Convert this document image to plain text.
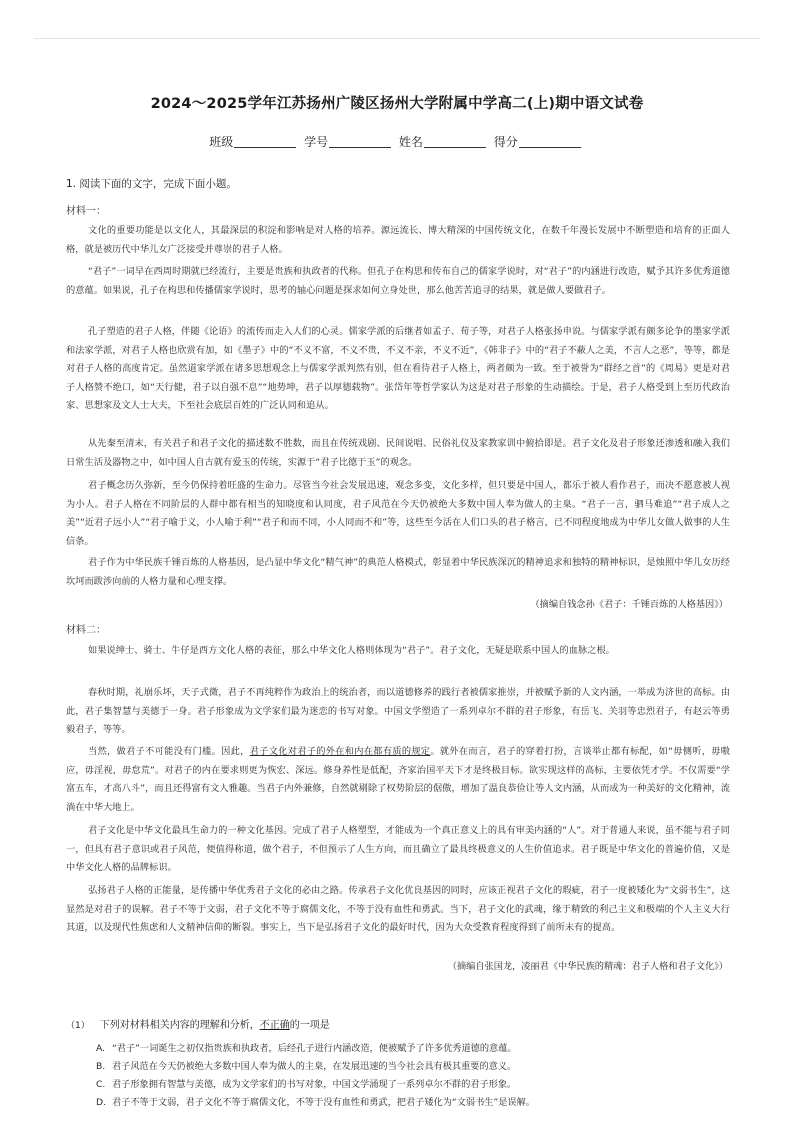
2024～2025学年江苏扬州广陵区扬州大学附属中学高二(上)期中语文试卷
班级	学号	姓名	得分
1. 阅读下面的文字，完成下面小题。
材料一：

文化的重要功能是以文化人，其最深层的积淀和影响是对人格的培养。源远流长、博大精深的中国传统文化，在数千年漫长发展中不断塑造和培育的正面人格，就是被历代中华儿女广泛接受并尊崇的君子人格。

“君子”一词早在西周时期就已经流行，主要是贵族和执政者的代称。但孔子在构思和传布自己的儒家学说时，对“君子”的内涵进行改造，赋予其许多优秀道德的意蕴。如果说，孔子在构思和传播儒家学说时，思考的轴心问题是探求如何立身处世，那么他苦苦追寻的结果，就是做人要做君子。

孔子塑造的君子人格，伴随《论语》的流传而走入人们的心灵。儒家学派的后继者如孟子、荀子等，对君子人格张扬申说。与儒家学派有颇多论争的墨家学派和法家学派，对君子人格也欣赏有加，如《墨子》中的“不义不富，不义不贵，不义不亲，不义不近”，《韩非子》中的“君子不蔽人之美，不言人之恶”，等等，都是对君子人格的高度肯定。虽然道家学派在诸多思想观念上与儒家学派判然有别，但在看待君子人格上，两者颇为一致。至于被誉为“群经之首”的《周易》更是对君子人格赞不绝口，如“天行健，君子以自强不息”“地势坤，君子以厚德载物”。张岱年等哲学家认为这是对君子形象的生动描绘。于是，君子人格受到上至历代政治家、思想家及文人士大夫，下至社会底层百姓的广泛认同和追从。

从先秦至清末，有关君子和君子文化的描述数不胜数，而且在传统戏剧、民间说唱、民俗礼仪及家教家训中俯拾即是。君子文化及君子形象还渗透和融入我们日常生活及器物之中，如中国人自古就有爱玉的传统，实源于“君子比德于玉”的观念。

君子概念历久弥新，至今仍保持着旺盛的生命力。尽管当今社会发展迅速，观念多变，文化多样，但只要是中国人，都乐于被人看作君子，而决不愿意被人视为小人。君子人格在不同阶层的人群中都有相当的知晓度和认同度，君子风范在今天仍被绝大多数中国人奉为做人的主臬。“君子一言，驷马难追”“君子成人之美”“近君子远小人”“君子喻于义，小人喻于利”“君子和而不同，小人同而不和”等，这些至今活在人们口头的君子格言，已不同程度地成为中华儿女做人做事的人生信条。

君子作为中华民族千锤百炼的人格基因，是凸显中华文化“精气神”的典范人格模式，彰显着中华民族深沉的精神追求和独特的精神标识，是烛照中华儿女历经坎坷而跋涉向前的人格力量和心理支撑。

（摘编自钱念孙《君子：千锤百炼的人格基因》）
材料二：

如果说绅士、骑士、牛仔是西方文化人格的表征，那么中华文化人格则体现为“君子”。君子文化，无疑是联系中国人的血脉之根。

春秋时期，礼崩乐坏，天子式微，君子不再纯粹作为政治上的统治者，而以道德修养的践行者被儒家推崇，并被赋予新的人文内涵，一举成为济世的高标。由此，君子集智慧与美德于一身。君子形象成为文学家们最为迷恋的书写对象。中国文学塑造了一系列卓尔不群的君子形象，有岳飞、关羽等忠烈君子，有赵云等勇毅君子，等等。

当然，做君子不可能没有门槛。因此，君子文化对君子的外在和内在都有质的规定。就外在而言，君子的穿着打扮，言谈举止都有标配，如“毋侧听，毋嗷应，毋淫视，毋怠荒”。对君子的内在要求则更为恢宏、深远。修身养性是低配，齐家治国平天下才是终极目标。欲实现这样的高标，主要依凭才学。不仅需要“学富五车，才高八斗”，而且还得富有文人雅趣。当君子内外兼修，自然就剔除了权势阶层的倨傲，增加了温良恭俭让等人文内涵，从而成为一种美好的文化精神，流淌在中华大地上。

君子文化是中华文化最具生命力的一种文化基因。完成了君子人格塑型，才能成为一个真正意义上的具有审美内涵的“人”。对于普通人来说，虽不能与君子同一，但具有君子意识或君子风范，便值得称道，做个君子，不但预示了人生方向，而且确立了最具终极意义的人生价值追求。君子既是中华文化的普遍价值，又是中华文化人格的品牌标识。

弘扬君子人格的正能量，是传播中华优秀君子文化的必由之路。传承君子文化优良基因的同时，应该正视君子文化的瑕疵，君子一度被矮化为“文弱书生”，这显然是对君子的误解。君子不等于文弱，君子文化不等于腐儒文化，不等于没有血性和勇武。当下，君子文化的武魂，缘于精致的利己主义和极端的个人主义大行其道，以及现代性焦虑和人文精神信仰的断裂。事实上，当下是弘扬君子文化的最好时代，因为大众受教育程度得到了前所未有的提高。

（摘编自张国龙，凌丽君《中华民族的精魂：君子人格和君子文化》）
（1） 下列对材料相关内容的理解和分析，不正确的一项是
A. “君子”一词诞生之初仅指贵族和执政者，后经孔子进行内涵改造，便被赋予了许多优秀道德的意蕴。
B. 君子风范在今天仍被绝大多数中国人奉为做人的主臬，在发展迅速的当今社会具有极其重要的意义。
C. 君子形象拥有智慧与美德，成为文学家们的书写对象，中国文学涌现了一系列卓尔不群的君子形象。
D. 君子不等于文弱，君子文化不等于腐儒文化，不等于没有血性和勇武，把君子矮化为“文弱书生”是误解。
